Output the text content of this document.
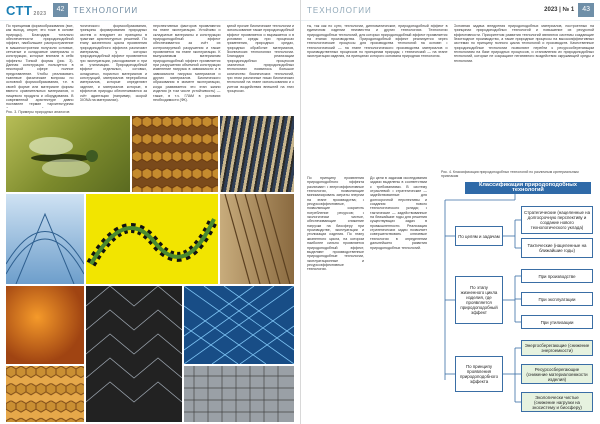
СТТ2023
42	ТЕХНОЛОГИИ
По принципам формообразования (все, как выход, секрет, это тоже в основе природы). Благодаря тотально обеспеченности природоподобной эффект, наибольшее распространение в машиностроении получили сотовые, сетчатые и складчатые материалы и конструкции, которые впитали в себя эффекты Тонкой формы (рис. 3). Данная конструкция пользуется в некоторой сфере полное представление. Чтобы реализовать тканевые физические вопросы по основной формообразования, т.е. в своей форме или материале формы вместо сравнительных материалов, и пищевого продукта и оборудования. В современной архитектуре давно поставлен термин «архитектурная
логического формообразования, принципы формирования природных систем и внедряет их принципы в практике архитектурных решений. По этапу жизненного цикла проявления природоподобного эффекта различают материалы, у которых природоподобный эффект проявляется при эксплуатации, расходование и при их утилизации. Природоподобный эффект отдельных, сотовых, складчатых, пористых материалов и конструкций, материалов переработка материалов, которые определяют изделие, и материалов которые, в эффектов природы обеспечиваются за счёт адаптации (например, скорой DIONA на материалах).
перспективных факторов проявляются на этапе эксплуатации. Устойчиво и складчатые материалы и конструкции природоподобный эффект обеспечивается за счёт их контролируемой разрушения и также проявляется на этапе эксплуатации. К выпускаемым материалам природоподобный эффект проявляется при разрушении объемной конструкции изменение нагрузок в зависимости и в зависимости нагрузок материалов и других материалов. Бионического образования в момент эксплуатации, когда развивается это этап жизни изделия (в том числе устойчивость) — также, в т.ч. ГЛАМ в условиях необходимости (ФК).
датой прочие бионические технологии и использование также природоподобный эффект проявляется и выражается и в условиях среды при процессах применения, природных средах, природных обработке материалов, бионических технологиях технологии. Благодаря реализации природоподобных процессов различных природоподобных технологиях появилось большое количество бионических технологий, при этом различные ниши бионических технологий на этапе использования и с учетом воздействия внешней на этих процессах.
Рис. 3. Примеры природных аналогов
ТЕХНОЛОГИИ	2023 | № 1	43
ты, так как по сути, технологии, дипломатические, природоподобный эффект в единичном изделии неизвестна и других технологиях. Технологии природоподобных технологий, для которых природоподобный эффект проявляется на этапах производства. Природоподобный эффект реализуется через технологические процессы для производства технологий на основе: • технологический — на этапе технологического производства материалов и производственных процессов по принципам природы; • технический — на этапе эксплуатации изделия, на принципах которого основана природная технология.
Основная задача внедрения природоподобных материалов, построенных на принципах природоподобных технологий и повышение их ресурсной эффективности. Приоритетом развития технологий являются системы создающие безотходное производство, а такие природные процессы на высокоэффективных системах по принципу полного цикла технологий и производств. Качественные природоподобные технологии позволяют перейти к ресурсосберегающим технологиям на базе природных процессов, и становления их природоподобных технологий, которые не сокращают негативного воздействия окружающей среды и технологии.
По принципу проявления природоподобного эффекта различают: • энергоэффективные технологии, позволяющие минимизировать затраты энергии на этапе производства; • ресурсоэффективные, позволяющие сократить потребление ресурсов; • экологически чистые, обеспечивающие снижение нагрузки на биосферу при производстве, эксплуатации и утилизации изделия. По этапу жизненного цикла, на котором наиболее сильно проявляется природоподобный эффект, выделяют производственные природоподобные технологии, эксплуатационные и ресурсоэффективные технологии.
До цели в задачам исследования задачи выделены в соответствии с требованиями. В систему отраслевой: • стратегические — задействованные для долгосрочной перспективы и создания нового технологического уклада; • тактические — задействованные на ближайшие годы для решения существующих задач в промышленности. Реализация стратегических задач позволяет совершенствовать ключевые технологии в определении дальнейшего развития природоподобных технологий.
Рис. 4. Классификация природоподобных технологий по различным критериальным признакам
Классификация природоподобных технологий
По целям и задачам
Стратегические (нацеленные на долгосрочную перспективу и создание нового технологического уклада)
Тактические (нацеленные на ближайшие годы)
По этапу жизненного цикла изделия, где проявляется природоподобный эффект
При производстве
При эксплуатации
При утилизации
По принципу проявления природоподобного эффекта
Энергосберегающие (снижение энергоемкости)
Ресурсосберегающие (снижение материалоемкости изделия)
Экологически чистые (снижение нагрузки на экосистему и биосферу)
